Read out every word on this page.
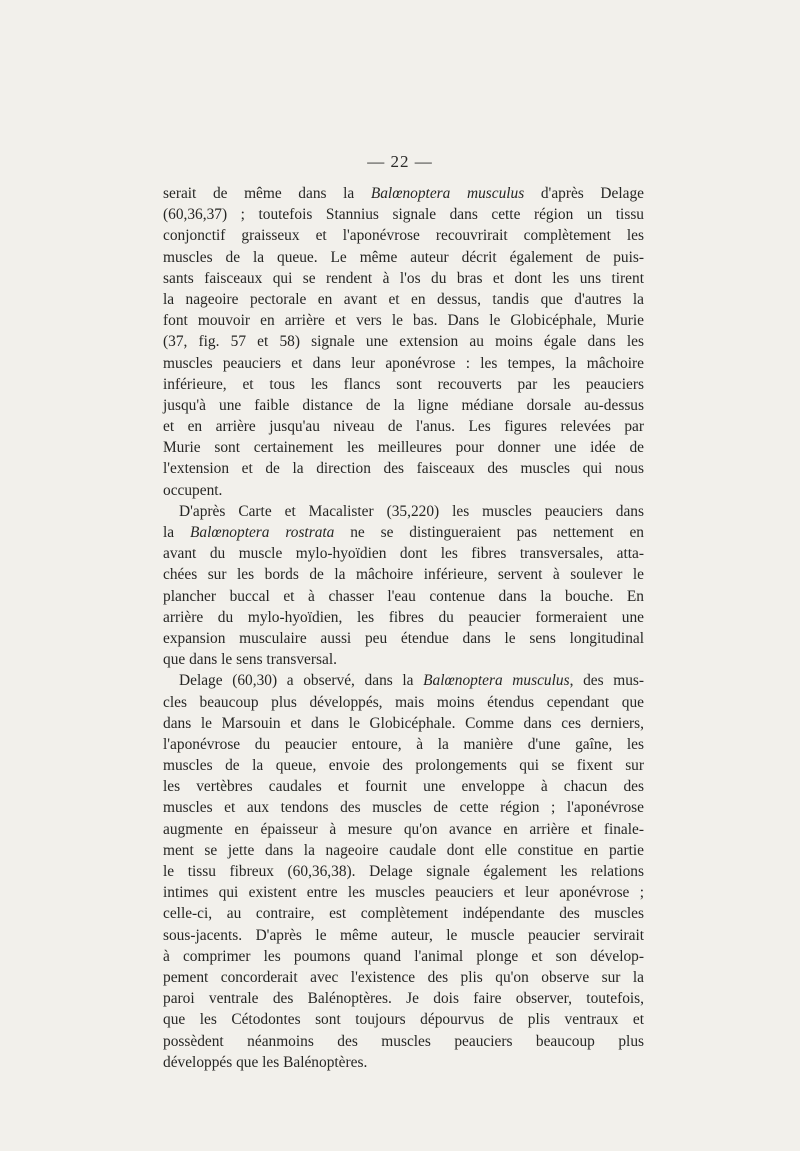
— 22 —
serait de même dans la Balœnoptera musculus d'après Delage
(60,36,37) ; toutefois Stannius signale dans cette région un tissu
conjonctif graisseux et l'aponévrose recouvrirait complètement les
muscles de la queue. Le même auteur décrit également de puis-
sants faisceaux qui se rendent à l'os du bras et dont les uns tirent
la nageoire pectorale en avant et en dessus, tandis que d'autres la
font mouvoir en arrière et vers le bas. Dans le Globicéphale, Murie
(37, fig. 57 et 58) signale une extension au moins égale dans les
muscles peauciers et dans leur aponévrose : les tempes, la mâchoire
inférieure, et tous les flancs sont recouverts par les peauciers
jusqu'à une faible distance de la ligne médiane dorsale au-dessus
et en arrière jusqu'au niveau de l'anus. Les figures relevées par
Murie sont certainement les meilleures pour donner une idée de
l'extension et de la direction des faisceaux des muscles qui nous
occupent.
D'après Carte et Macalister (35,220) les muscles peauciers dans
la Balœnoptera rostrata ne se distingueraient pas nettement en
avant du muscle mylo-hyoïdien dont les fibres transversales, atta-
chées sur les bords de la mâchoire inférieure, servent à soulever le
plancher buccal et à chasser l'eau contenue dans la bouche. En
arrière du mylo-hyoïdien, les fibres du peaucier formeraient une
expansion musculaire aussi peu étendue dans le sens longitudinal
que dans le sens transversal.
Delage (60,30) a observé, dans la Balœnoptera musculus, des mus-
cles beaucoup plus développés, mais moins étendus cependant que
dans le Marsouin et dans le Globicéphale. Comme dans ces derniers,
l'aponévrose du peaucier entoure, à la manière d'une gaîne, les
muscles de la queue, envoie des prolongements qui se fixent sur
les vertèbres caudales et fournit une enveloppe à chacun des
muscles et aux tendons des muscles de cette région ; l'aponévrose
augmente en épaisseur à mesure qu'on avance en arrière et finale-
ment se jette dans la nageoire caudale dont elle constitue en partie
le tissu fibreux (60,36,38). Delage signale également les relations
intimes qui existent entre les muscles peauciers et leur aponévrose ;
celle-ci, au contraire, est complètement indépendante des muscles
sous-jacents. D'après le même auteur, le muscle peaucier servirait
à comprimer les poumons quand l'animal plonge et son dévelop-
pement concorderait avec l'existence des plis qu'on observe sur la
paroi ventrale des Balénoptères. Je dois faire observer, toutefois,
que les Cétodontes sont toujours dépourvus de plis ventraux et
possèdent néanmoins des muscles peauciers beaucoup plus
développés que les Balénoptères.
